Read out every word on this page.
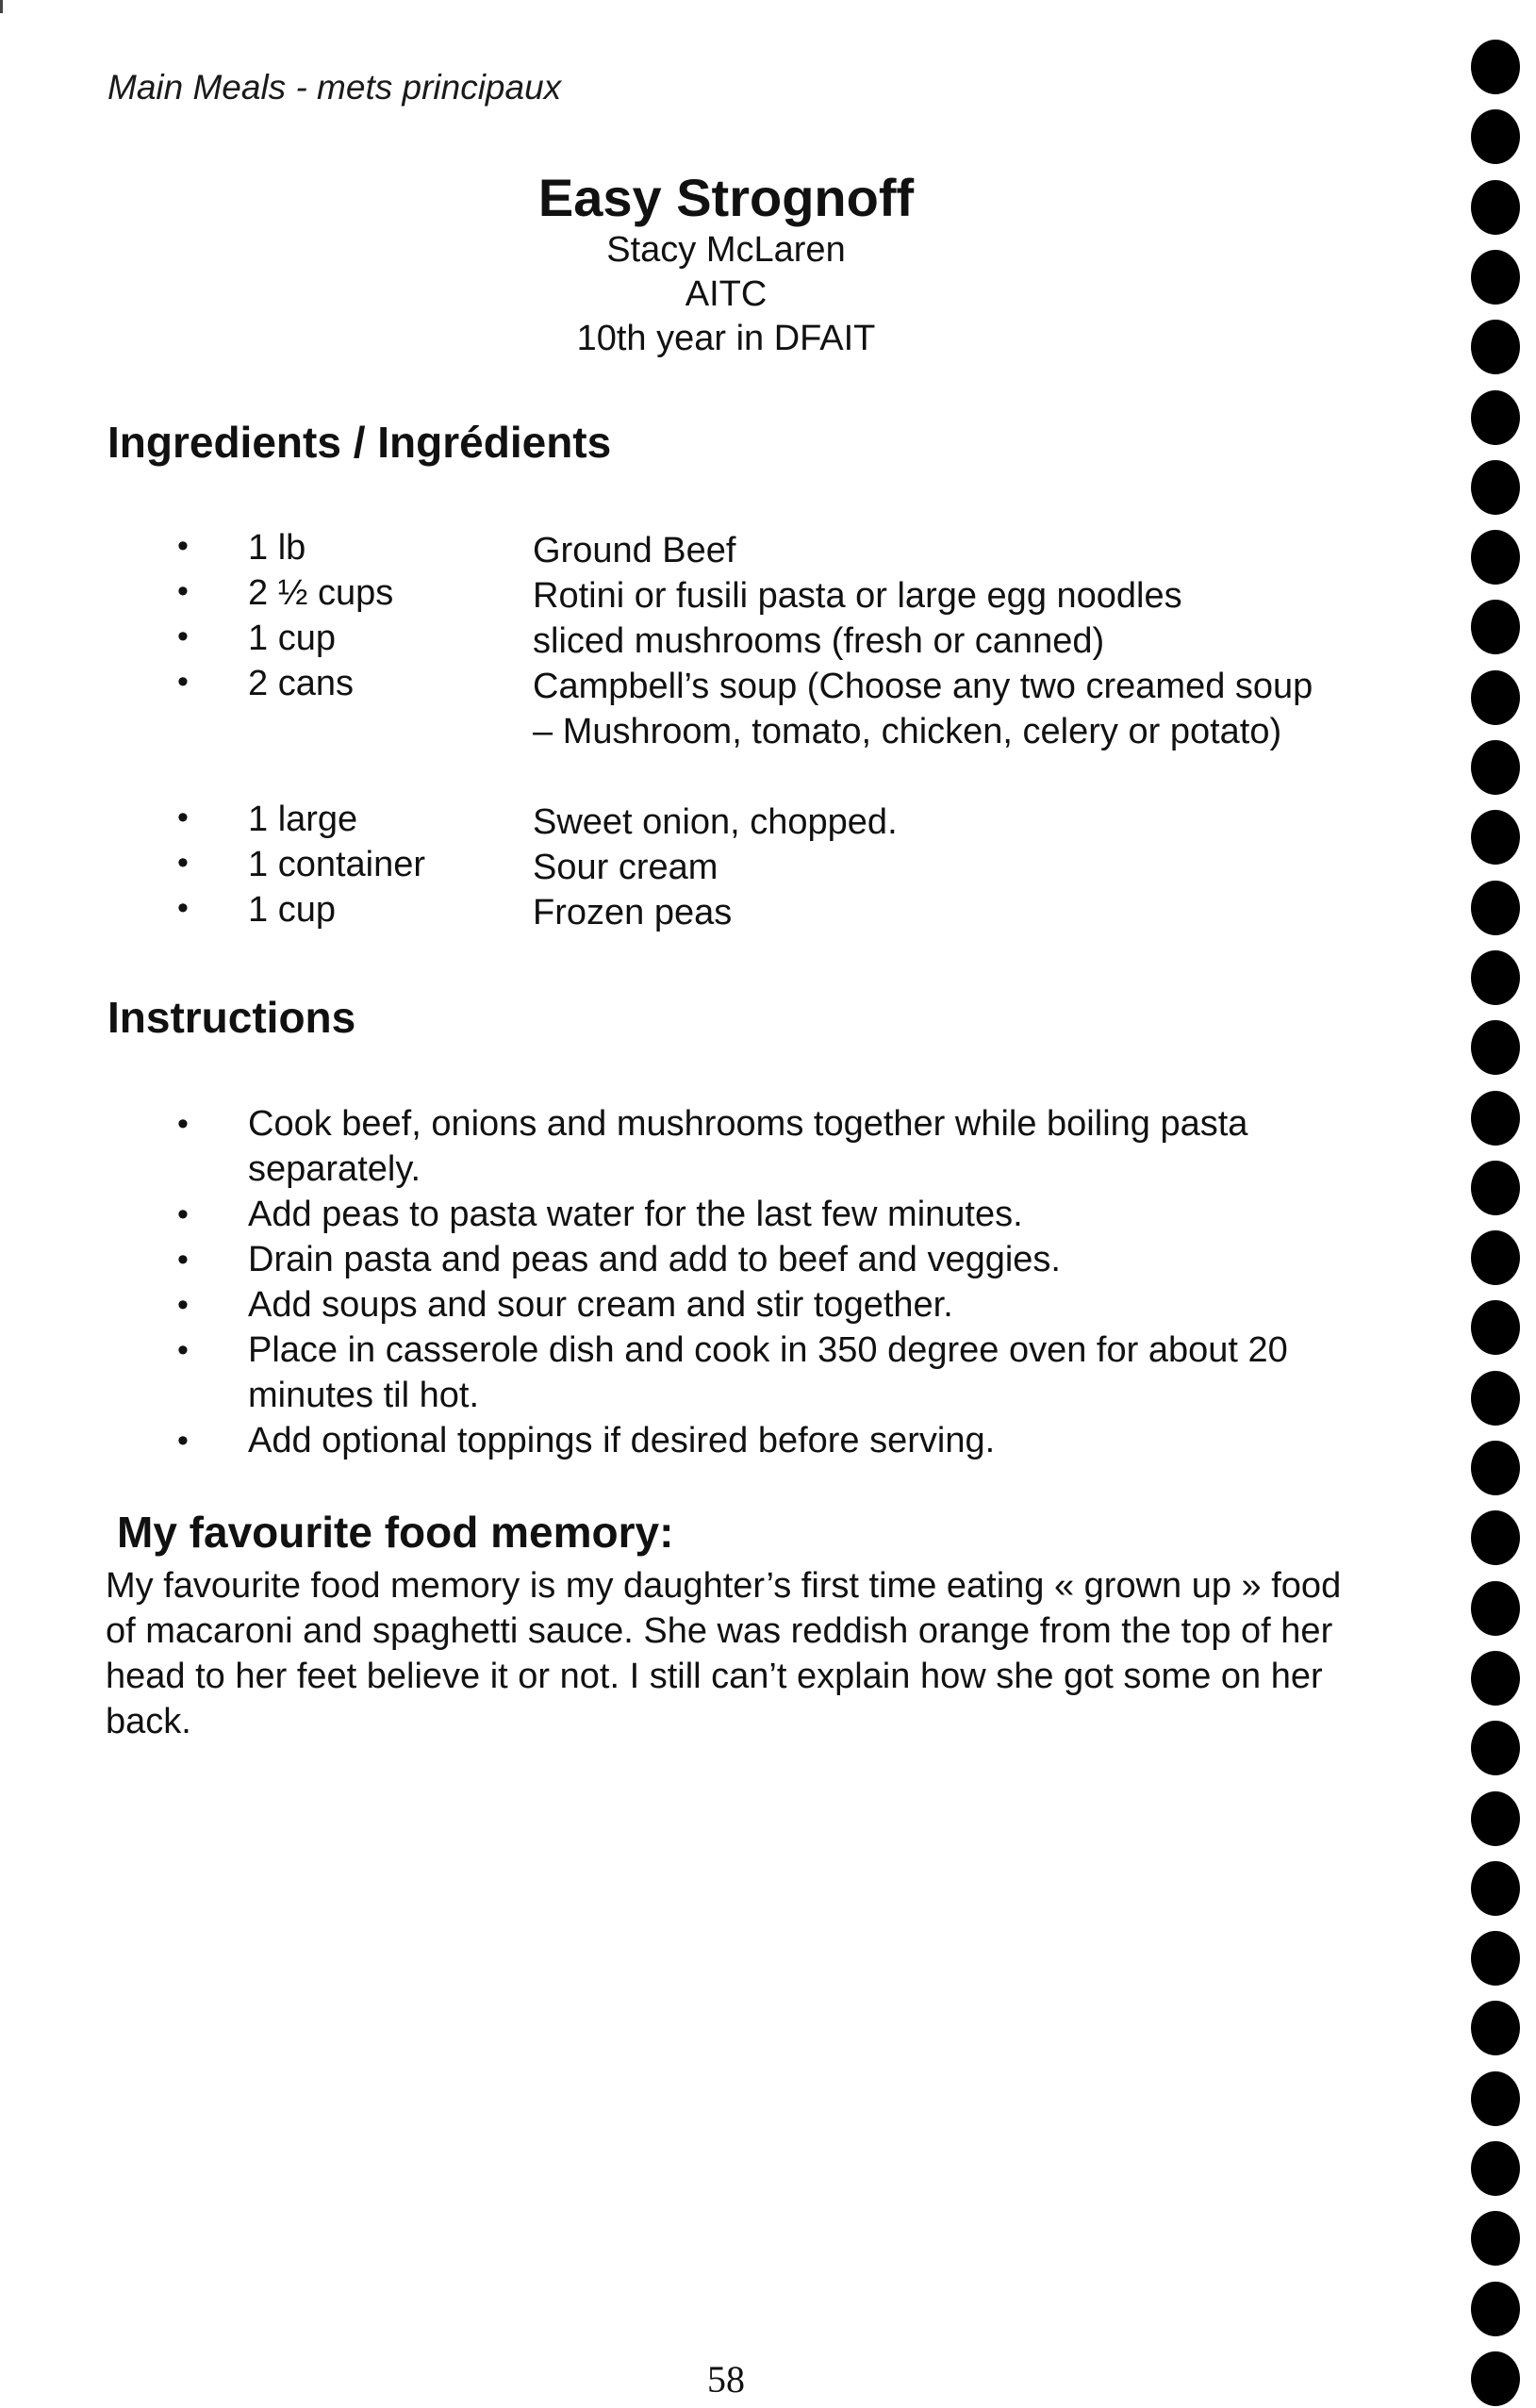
Main Meals - mets principaux
Easy Strognoff
Stacy McLaren
AITC
10th year in DFAIT
Ingredients / Ingrédients
• 1 lb	Ground Beef
• 2 ½ cups	Rotini or fusili pasta or large egg noodles
• 1 cup	sliced mushrooms (fresh or canned)
• 2 cans	Campbell’s soup (Choose any two creamed soup – Mushroom, tomato, chicken, celery or potato)
• 1 large	Sweet onion, chopped.
• 1 container	Sour cream
• 1 cup	Frozen peas
Instructions
• Cook beef, onions and mushrooms together while boiling pasta separately.
• Add peas to pasta water for the last few minutes.
• Drain pasta and peas and add to beef and veggies.
• Add soups and sour cream and stir together.
• Place in casserole dish and cook in 350 degree oven for about 20 minutes til hot.
• Add optional toppings if desired before serving.
My favourite food memory:
My favourite food memory is my daughter’s first time eating « grown up » food of macaroni and spaghetti sauce. She was reddish orange from the top of her head to her feet believe it or not. I still can’t explain how she got some on her back.
58
